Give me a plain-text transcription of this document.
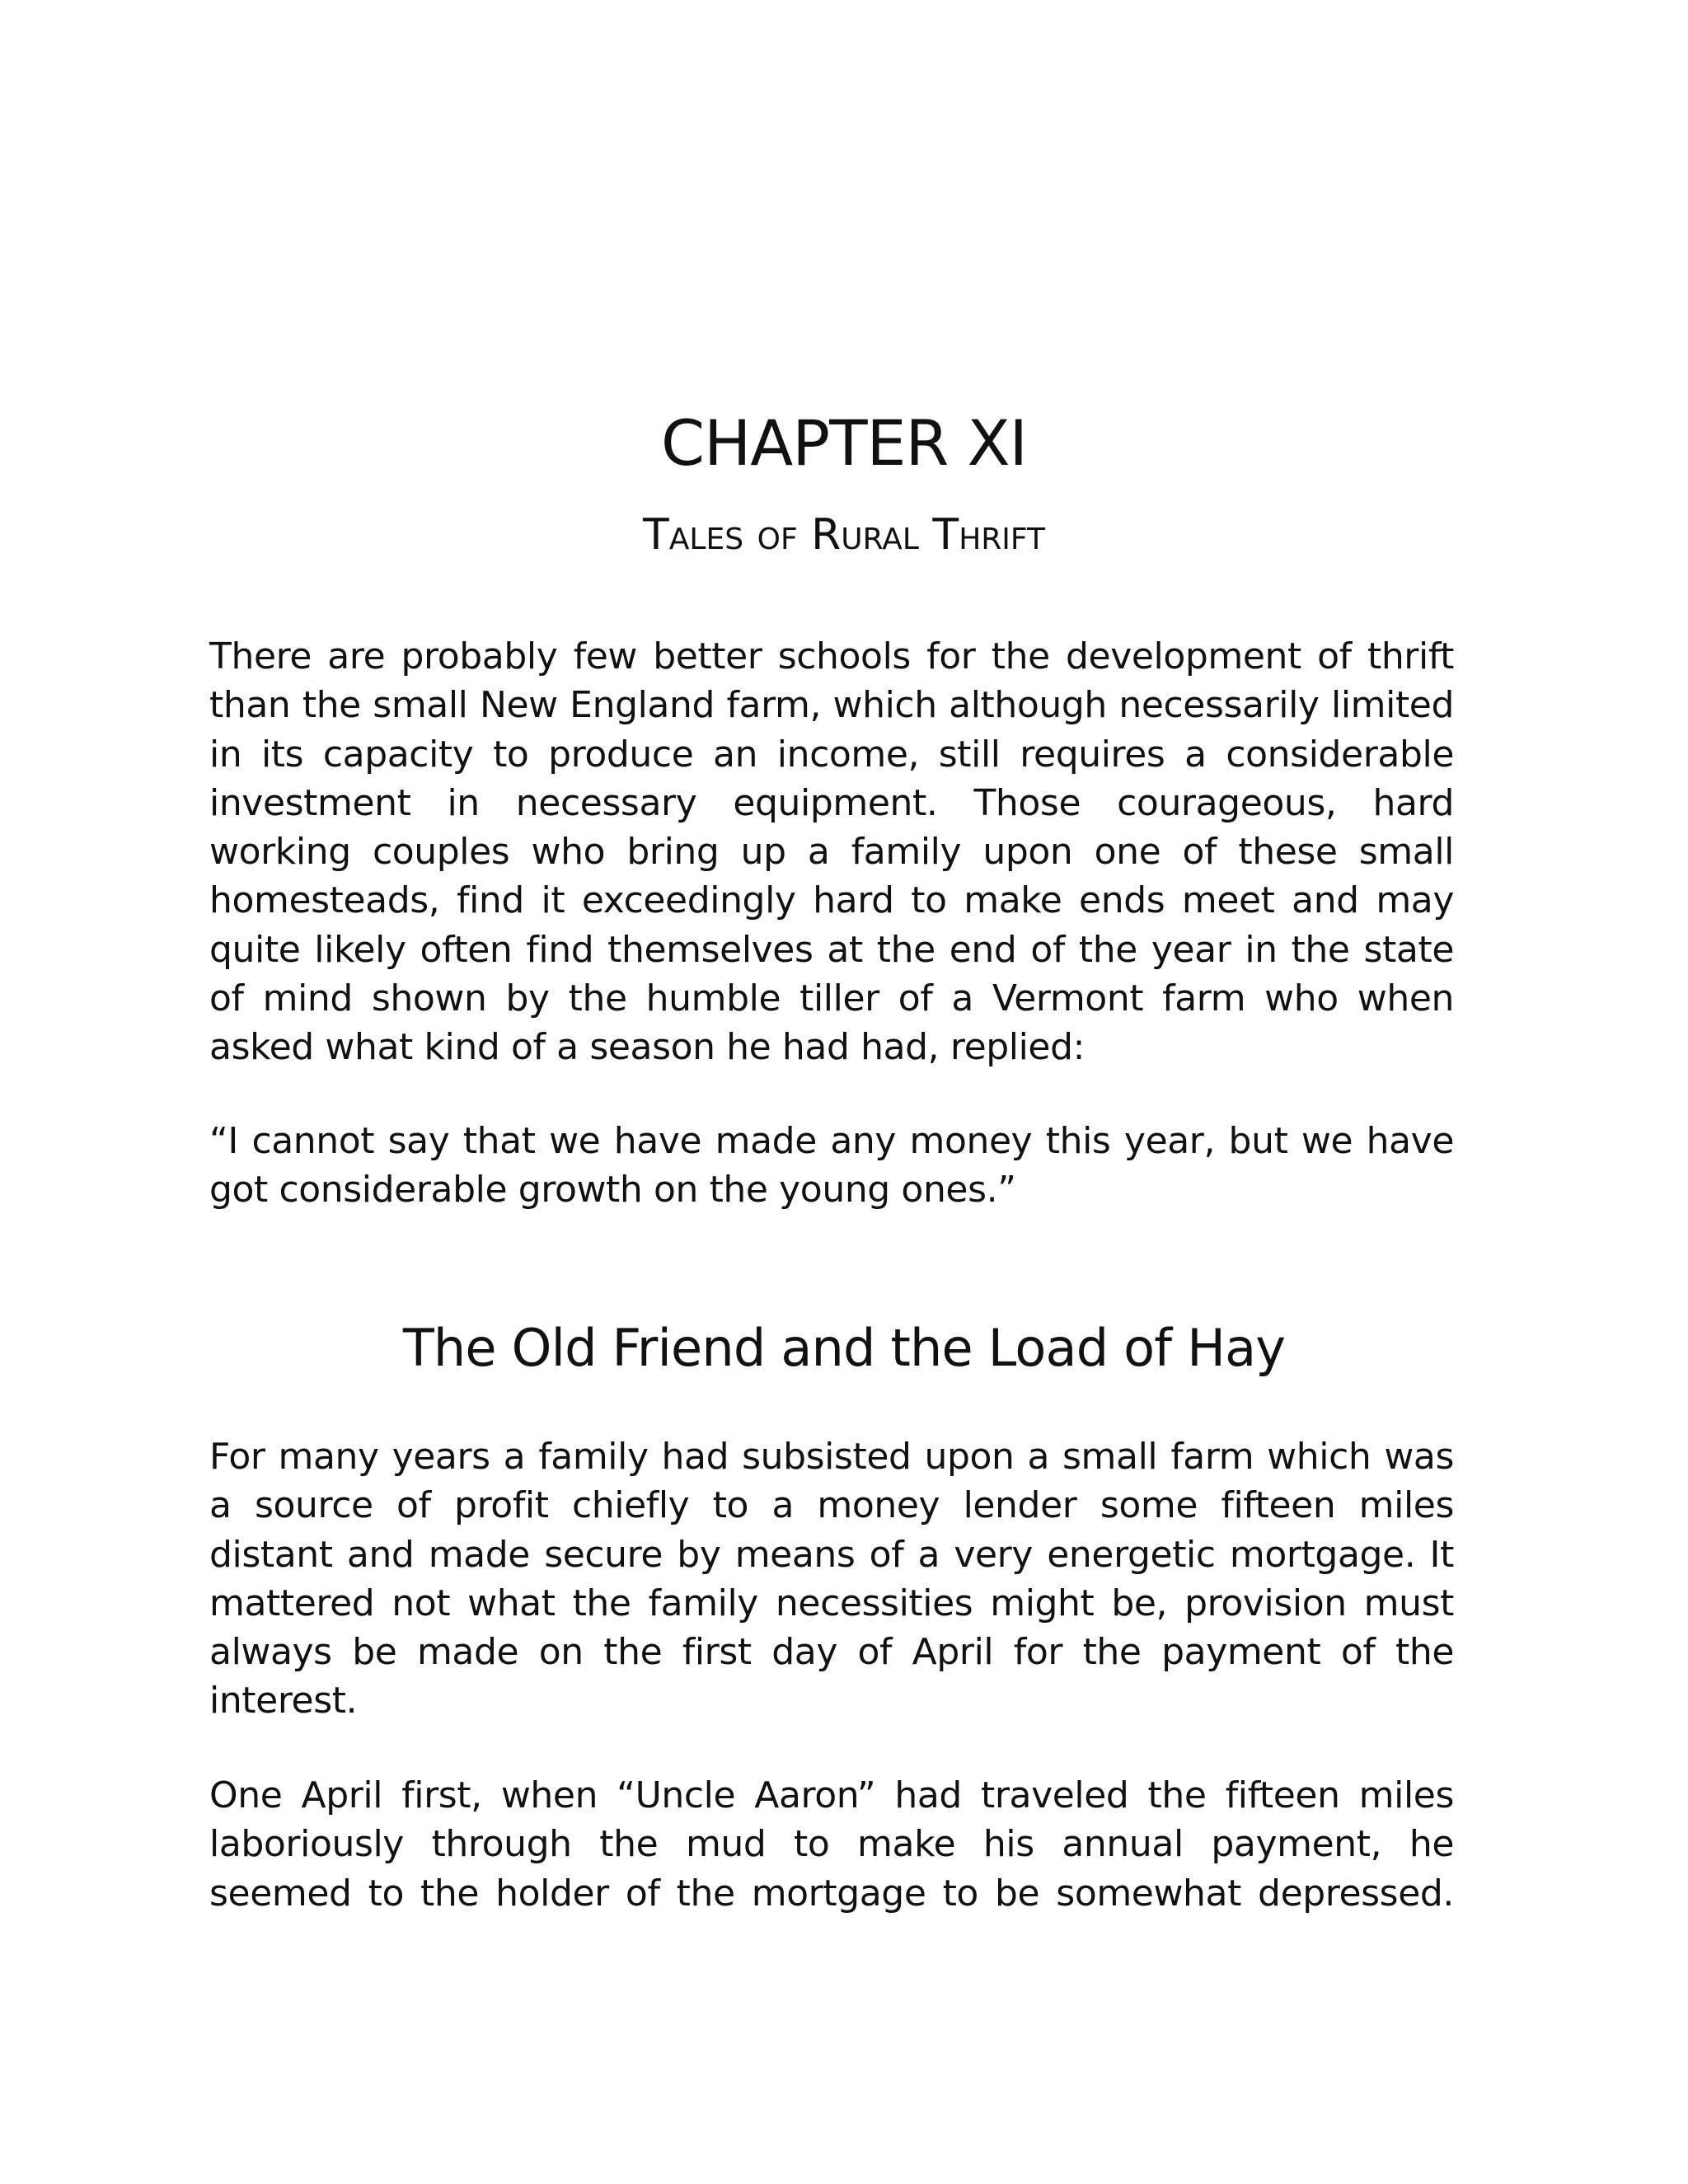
CHAPTER XI
Tales of Rural Thrift

There are probably few better schools for the development of thrift than the small New England farm, which although necessarily limited in its capacity to produce an income, still requires a considerable investment in necessary equipment. Those courageous, hard working couples who bring up a family upon one of these small homesteads, find it exceedingly hard to make ends meet and may quite likely often find themselves at the end of the year in the state of mind shown by the humble tiller of a Vermont farm who when asked what kind of a season he had had, replied:

“I cannot say that we have made any money this year, but we have got considerable growth on the young ones.”

The Old Friend and the Load of Hay

For many years a family had subsisted upon a small farm which was a source of profit chiefly to a money lender some fifteen miles distant and made secure by means of a very energetic mortgage. It mattered not what the family necessities might be, provision must always be made on the first day of April for the payment of the interest.

One April first, when “Uncle Aaron” had traveled the fifteen miles laboriously through the mud to make his annual payment, he seemed to the holder of the mortgage to be somewhat depressed.
